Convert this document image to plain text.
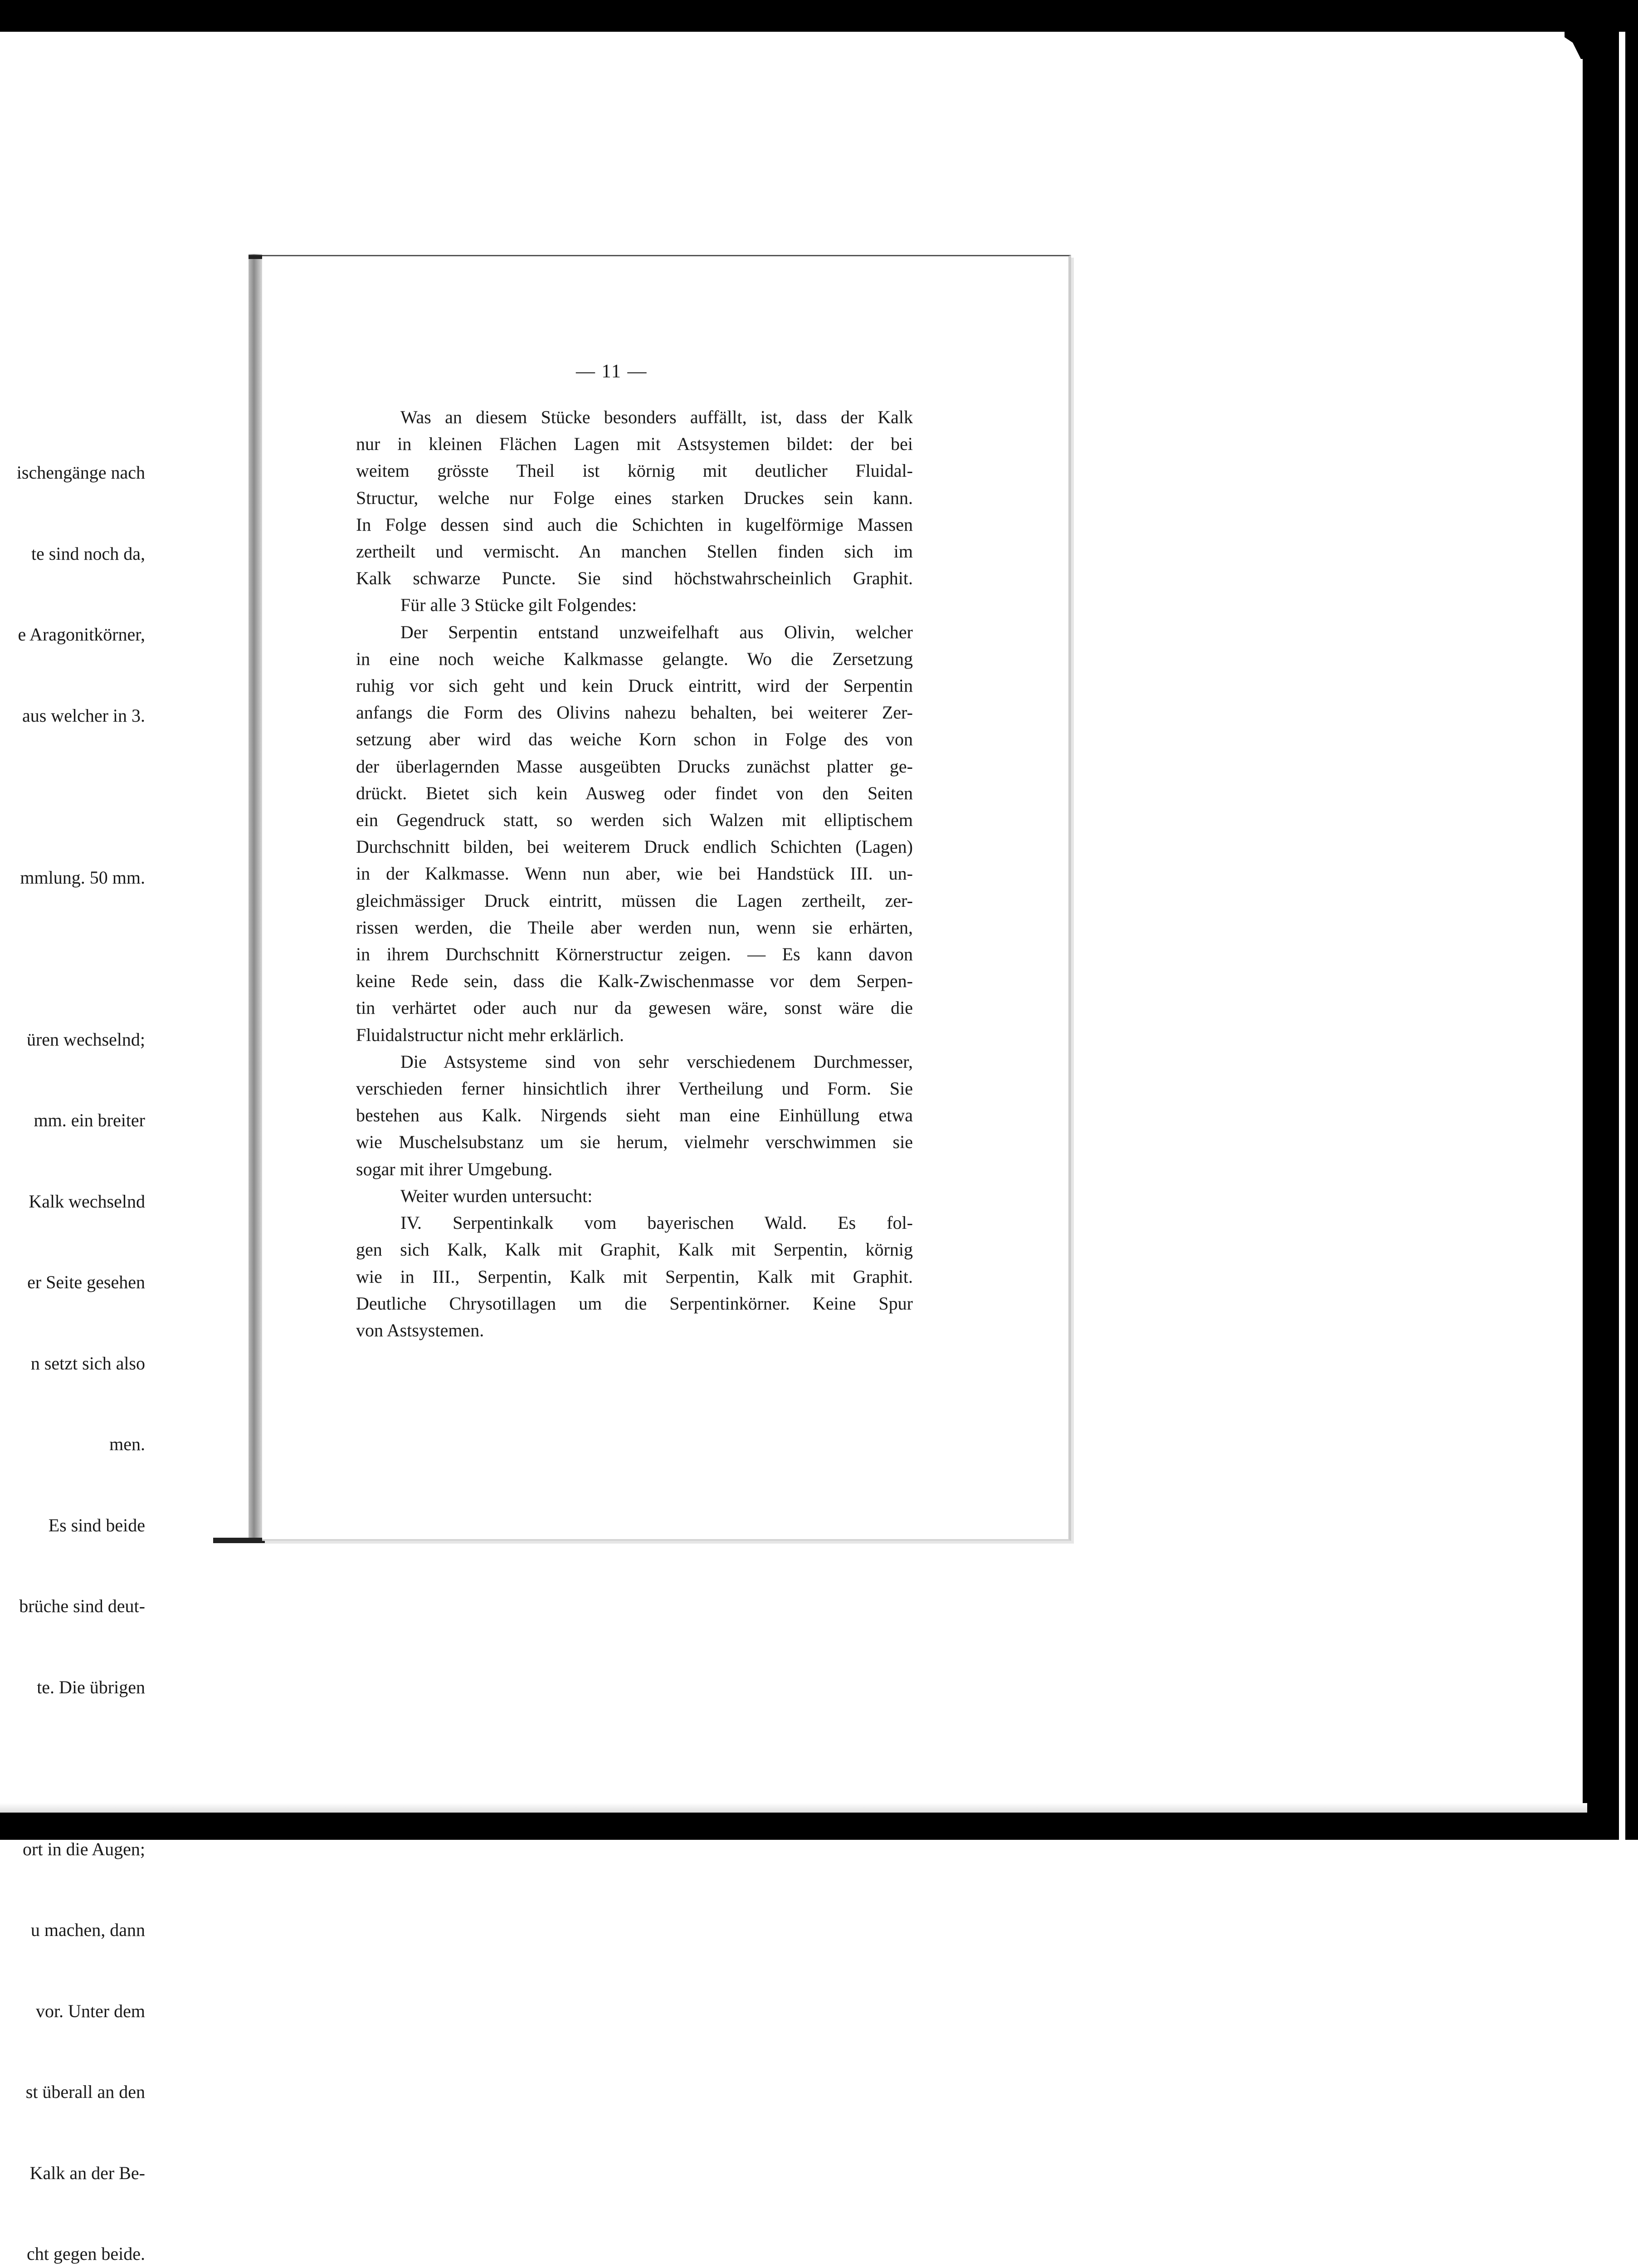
ischengänge nach

te sind noch da,

e Aragonitkörner,

aus welcher in 3.

mmlung. 50 mm.

üren wechselnd;

mm. ein breiter

Kalk wechselnd

er Seite gesehen

n setzt sich also

men.

Es sind beide

brüche sind deut-

te. Die übrigen

ort in die Augen;

u machen, dann

vor. Unter dem

st überall an den

Kalk an der Be-

cht gegen beide.

— 11 —
Was an diesem Stücke besonders auffällt, ist, dass der Kalk
nur in kleinen Flächen Lagen mit Astsystemen bildet: der bei
weitem grösste Theil ist körnig mit deutlicher Fluidal-
Structur, welche nur Folge eines starken Druckes sein kann.
In Folge dessen sind auch die Schichten in kugelförmige Massen
zertheilt und vermischt. An manchen Stellen finden sich im
Kalk schwarze Puncte. Sie sind höchstwahrscheinlich Graphit.
Für alle 3 Stücke gilt Folgendes:
Der Serpentin entstand unzweifelhaft aus Olivin, welcher
in eine noch weiche Kalkmasse gelangte. Wo die Zersetzung
ruhig vor sich geht und kein Druck eintritt, wird der Serpentin
anfangs die Form des Olivins nahezu behalten, bei weiterer Zer-
setzung aber wird das weiche Korn schon in Folge des von
der überlagernden Masse ausgeübten Drucks zunächst platter ge-
drückt. Bietet sich kein Ausweg oder findet von den Seiten
ein Gegendruck statt, so werden sich Walzen mit elliptischem
Durchschnitt bilden, bei weiterem Druck endlich Schichten (Lagen)
in der Kalkmasse. Wenn nun aber, wie bei Handstück III. un-
gleichmässiger Druck eintritt, müssen die Lagen zertheilt, zer-
rissen werden, die Theile aber werden nun, wenn sie erhärten,
in ihrem Durchschnitt Körnerstructur zeigen. — Es kann davon
keine Rede sein, dass die Kalk-Zwischenmasse vor dem Serpen-
tin verhärtet oder auch nur da gewesen wäre, sonst wäre die
Fluidalstructur nicht mehr erklärlich.
Die Astsysteme sind von sehr verschiedenem Durchmesser,
verschieden ferner hinsichtlich ihrer Vertheilung und Form. Sie
bestehen aus Kalk. Nirgends sieht man eine Einhüllung etwa
wie Muschelsubstanz um sie herum, vielmehr verschwimmen sie
sogar mit ihrer Umgebung.
Weiter wurden untersucht:
IV. Serpentinkalk vom bayerischen Wald. Es fol-
gen sich Kalk, Kalk mit Graphit, Kalk mit Serpentin, körnig
wie in III., Serpentin, Kalk mit Serpentin, Kalk mit Graphit.
Deutliche Chrysotillagen um die Serpentinkörner. Keine Spur
von Astsystemen.
